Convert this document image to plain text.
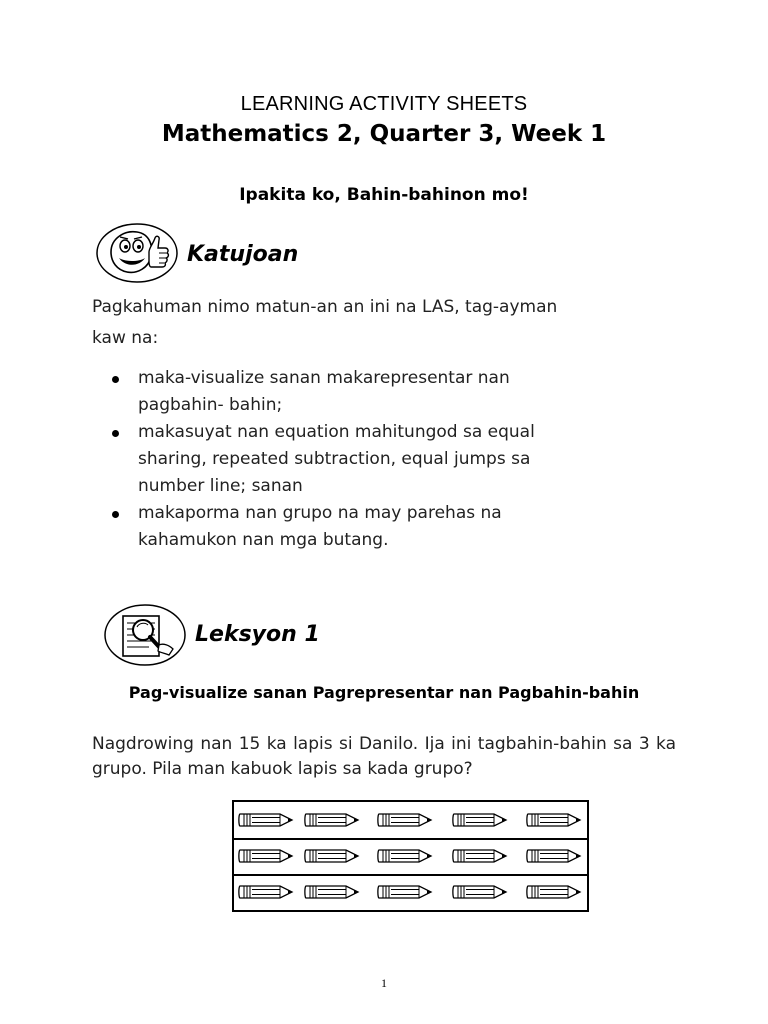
LEARNING ACTIVITY SHEETS
Mathematics 2, Quarter 3, Week 1
Ipakita ko, Bahin-bahinon mo!
Katujoan
Pagkahuman nimo matun-an an ini na LAS, tag-ayman
kaw na:
maka-visualize sanan makarepresentar nan
pagbahin- bahin;
makasuyat nan equation mahitungod sa equal
sharing, repeated subtraction, equal jumps sa
number line; sanan
makaporma nan grupo na may parehas na
kahamukon nan mga butang.
Leksyon 1
Pag-visualize sanan Pagrepresentar nan Pagbahin-bahin
Nagdrowing nan 15 ka lapis si Danilo. Ija ini tagbahin-bahin sa 3 ka grupo. Pila man kabuok lapis sa kada grupo?
1
